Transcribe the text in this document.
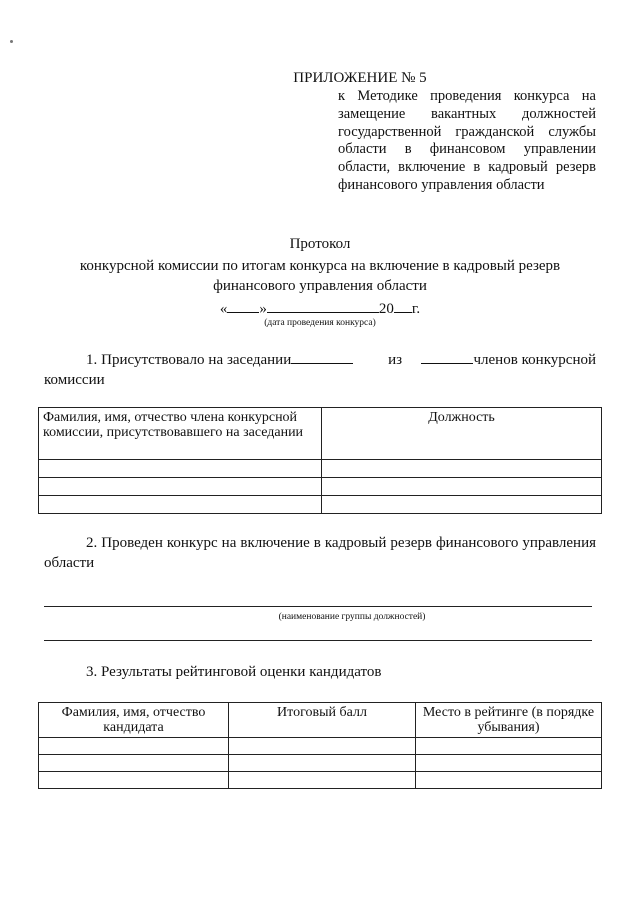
ПРИЛОЖЕНИЕ № 5
к Методике проведения конкурса на замещение вакантных должностей государственной гражданской службы области в финансовом управлении области, включение в кадровый резерв финансового управления области
Протокол
конкурсной комиссии по итогам конкурса на включение в кадровый резерв
финансового управления области
« »	20 г.
(дата проведения конкурса)
1. Присутствовало на заседании	из	членов конкурсной комиссии
Фамилия, имя, отчество члена конкурсной комиссии, присутствовавшего на заседании	Должность

2. Проведен конкурс на включение в кадровый резерв финансового управления области
(наименование группы должностей)
3. Результаты рейтинговой оценки кандидатов
Фамилия, имя, отчество кандидата	Итоговый балл	Место в рейтинге (в порядке убывания)
